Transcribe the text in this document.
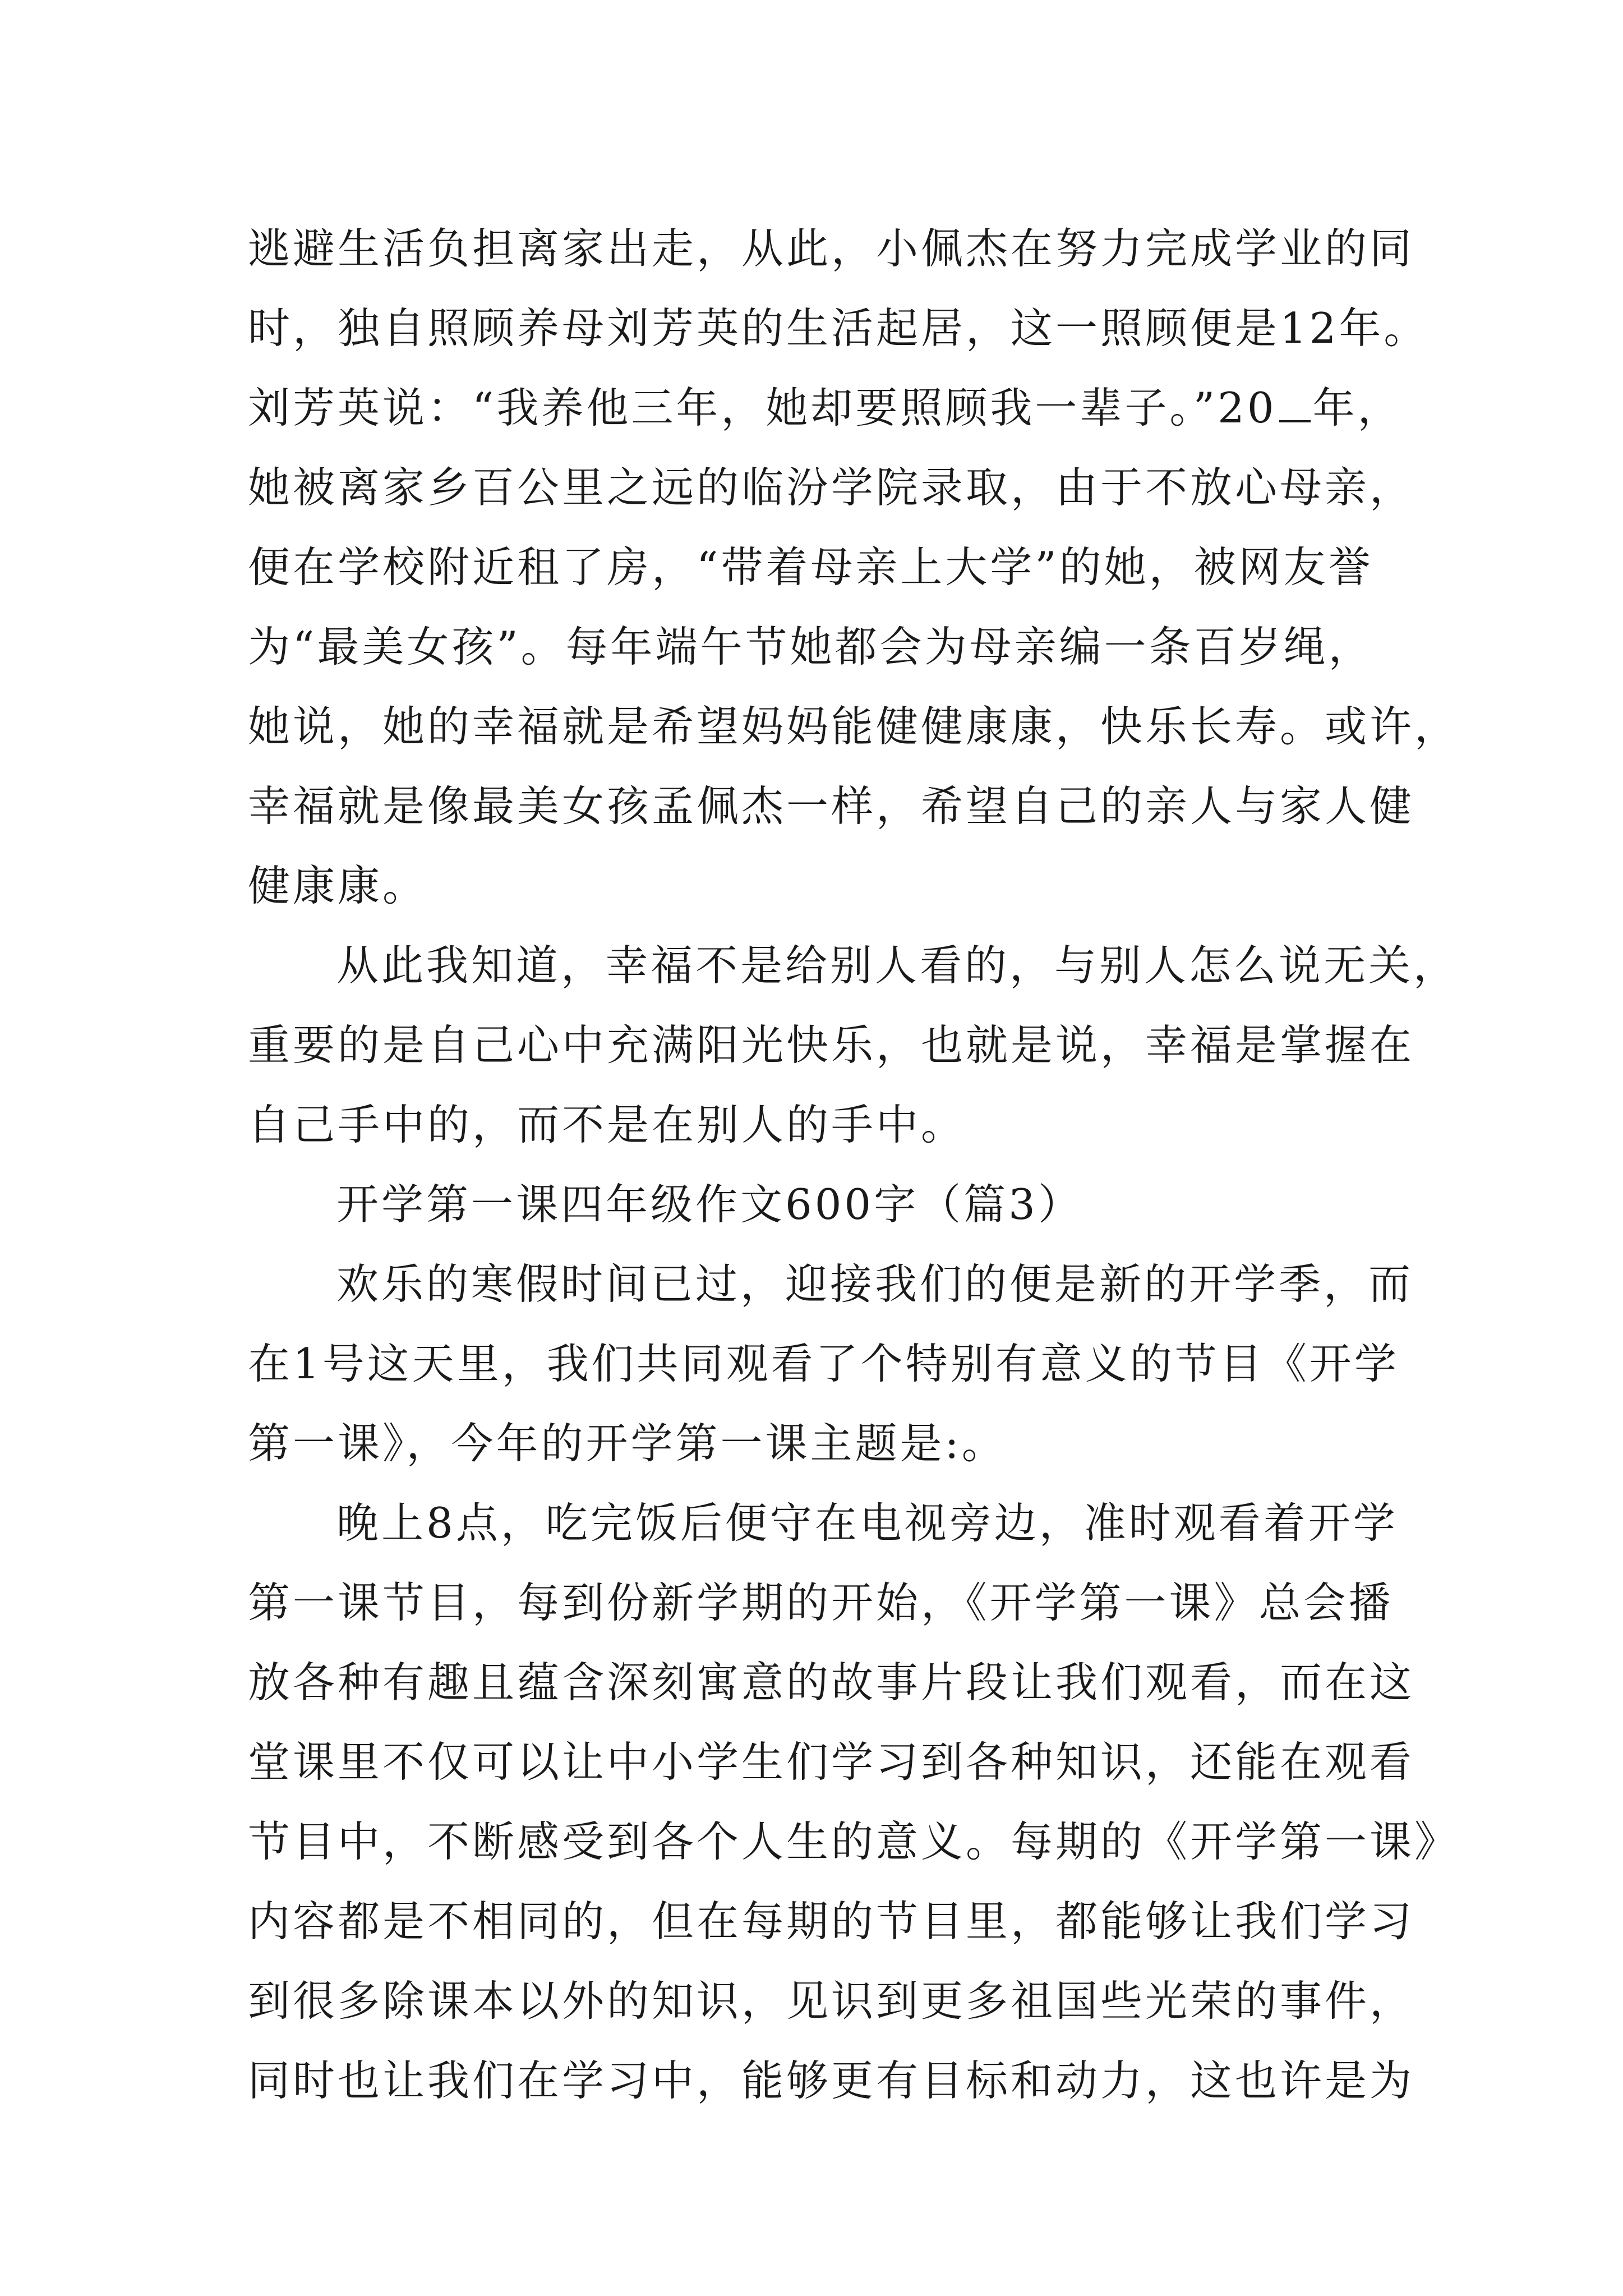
逃避生活负担离家出走，从此，小佩杰在努力完成学业的同
时，独自照顾养母刘芳英的生活起居，这一照顾便是12年。
刘芳英说：“我养他三年，她却要照顾我一辈子。”20 年，
她被离家乡百公里之远的临汾学院录取，由于不放心母亲，
便在学校附近租了房，“带着母亲上大学”的她，被网友誉
为“最美女孩”。每年端午节她都会为母亲编一条百岁绳，
她说，她的幸福就是希望妈妈能健健康康，快乐长寿。或许，
幸福就是像最美女孩孟佩杰一样，希望自己的亲人与家人健
健康康。
从此我知道，幸福不是给别人看的，与别人怎么说无关，
重要的是自己心中充满阳光快乐，也就是说，幸福是掌握在
自己手中的，而不是在别人的手中。
开学第一课四年级作文600字（篇3）
欢乐的寒假时间已过，迎接我们的便是新的开学季，而
在1号这天里，我们共同观看了个特别有意义的节目《开学
第一课》，今年的开学第一课主题是:。
晚上8点，吃完饭后便守在电视旁边，准时观看着开学
第一课节目，每到份新学期的开始，《开学第一课》总会播
放各种有趣且蕴含深刻寓意的故事片段让我们观看，而在这
堂课里不仅可以让中小学生们学习到各种知识，还能在观看
节目中，不断感受到各个人生的意义。每期的《开学第一课》
内容都是不相同的，但在每期的节目里，都能够让我们学习
到很多除课本以外的知识，见识到更多祖国些光荣的事件，
同时也让我们在学习中，能够更有目标和动力，这也许是为
